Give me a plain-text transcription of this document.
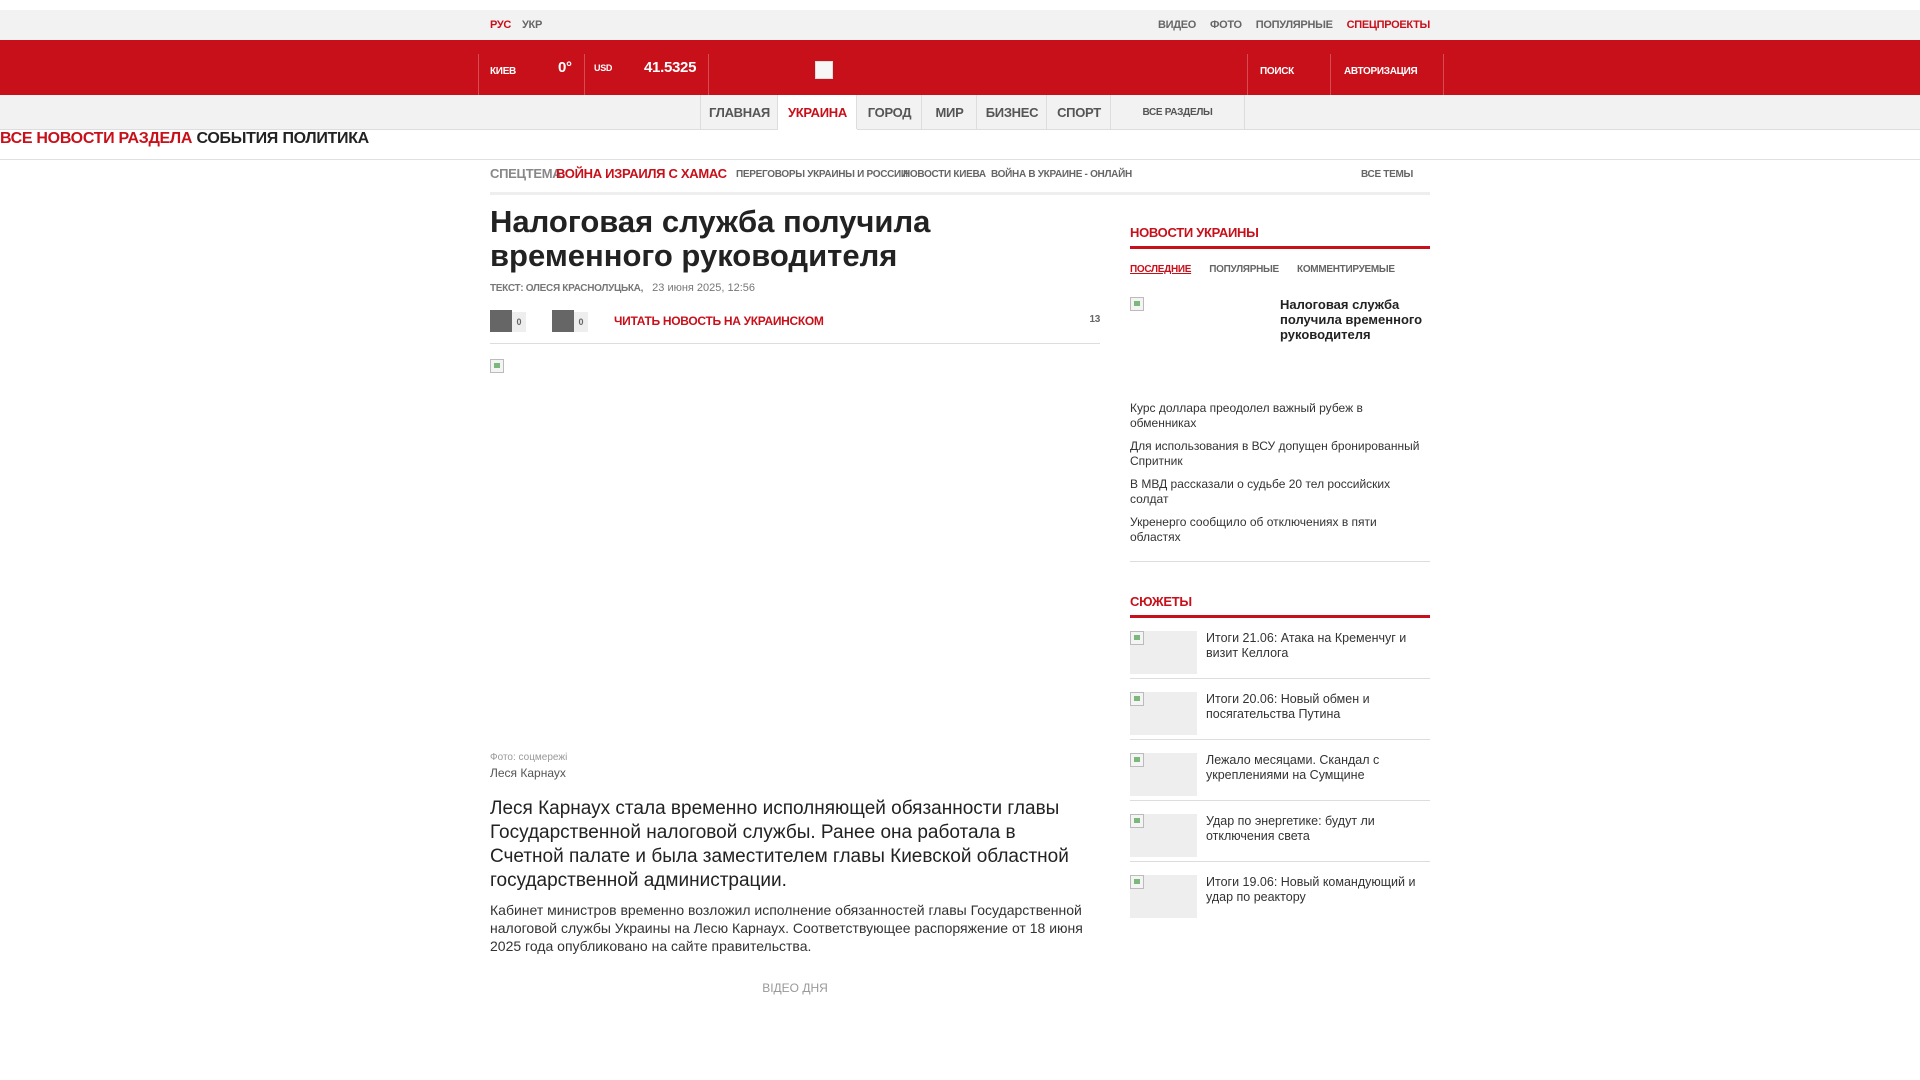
РУС УКР	ВИДЕО ФОТО ПОПУЛЯРНЫЕ СПЕЦПРОЕКТЫ
КИЕВ	0° USD 41.5325	ПОИСК	АВТОРИЗАЦИЯ
ГЛАВНАЯ	УКРАИНА	ГОРОД	МИР	БИЗНЕС	СПОРТ	ВСЕ РАЗДЕЛЫ
ВСЕ НОВОСТИ РАЗДЕЛА СОБЫТИЯ ПОЛИТИКА
СПЕЦТЕМА:
ВОЙНА ИЗРАИЛЯ С ХАМАС ПЕРЕГОВОРЫ УКРАИНЫ И РОССИИ
НОВОСТИ КИЕВА ВОЙНА В УКРАИНЕ - ОНЛАЙН	ВСЕ ТЕМЫ
Налоговая служба получила временного руководителя
ТЕКСТ: ОЛЕСЯ КРАСНОЛУЦЬКА, 23 июня 2025, 12:56
0	0	ЧИТАТЬ НОВОСТЬ НА УКРАИНСКОМ	13
Фото: соцмережі
Леся Карнаух

Леся Карнаух стала временно исполняющей обязанности главы Государственной налоговой службы. Ранее она работала в Счетной палате и была заместителем главы Киевской областной государственной администрации.

Кабинет министров временно возложил исполнение обязанностей главы Государственной налоговой службы Украины на Лесю Карнаух. Соответствующее распоряжение от 18 июня 2025 года опубликовано на сайте правительства.

ВІДЕО ДНЯ
НОВОСТИ УКРАИНЫ
ПОСЛЕДНИЕ ПОПУЛЯРНЫЕ КОММЕНТИРУЕМЫЕ
Налоговая служба получила временного руководителя
Курс доллара преодолел важный рубеж в обменниках
Для использования в ВСУ допущен бронированный Спритник
В МВД рассказали о судьбе 20 тел российских солдат
Укренерго сообщило об отключениях в пяти областях
СЮЖЕТЫ
Итоги 21.06: Атака на Кременчуг и визит Келлога
Итоги 20.06: Новый обмен и посягательства Путина
Лежало месяцами. Скандал с укреплениями на Сумщине
Удар по энергетике: будут ли отключения света
Итоги 19.06: Новый командующий и удар по реактору
